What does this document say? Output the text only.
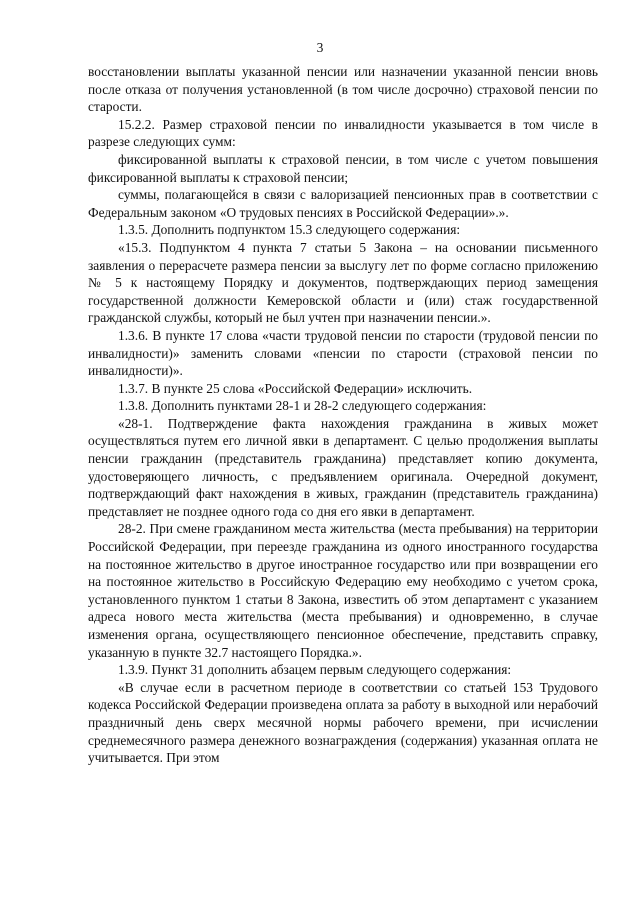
3

восстановлении выплаты указанной пенсии или назначении указанной пенсии вновь после отказа от получения установленной (в том числе досрочно) страховой пенсии по старости.

15.2.2. Размер страховой пенсии по инвалидности указывается в том числе в разрезе следующих сумм:

фиксированной выплаты к страховой пенсии, в том числе с учетом повышения фиксированной выплаты к страховой пенсии;

суммы, полагающейся в связи с валоризацией пенсионных прав в соответствии с Федеральным законом «О трудовых пенсиях в Российской Федерации».».

1.3.5. Дополнить подпунктом 15.3 следующего содержания:

«15.3. Подпунктом 4 пункта 7 статьи 5 Закона – на основании письменного заявления о перерасчете размера пенсии за выслугу лет по форме согласно приложению № 5 к настоящему Порядку и документов, подтверждающих период замещения государственной должности Кемеровской области и (или) стаж государственной гражданской службы, который не был учтен при назначении пенсии.».

1.3.6. В пункте 17 слова «части трудовой пенсии по старости (трудовой пенсии по инвалидности)» заменить словами «пенсии по старости (страховой пенсии по инвалидности)».

1.3.7. В пункте 25 слова «Российской Федерации» исключить.

1.3.8. Дополнить пунктами 28-1 и 28-2 следующего содержания:

«28-1. Подтверждение факта нахождения гражданина в живых может осуществляться путем его личной явки в департамент. С целью продолжения выплаты пенсии гражданин (представитель гражданина) представляет копию документа, удостоверяющего личность, с предъявлением оригинала. Очередной документ, подтверждающий факт нахождения в живых, гражданин (представитель гражданина) представляет не позднее одного года со дня его явки в департамент.

28-2. При смене гражданином места жительства (места пребывания) на территории Российской Федерации, при переезде гражданина из одного иностранного государства на постоянное жительство в другое иностранное государство или при возвращении его на постоянное жительство в Российскую Федерацию ему необходимо с учетом срока, установленного пунктом 1 статьи 8 Закона, известить об этом департамент с указанием адреса нового места жительства (места пребывания) и одновременно, в случае изменения органа, осуществляющего пенсионное обеспечение, представить справку, указанную в пункте 32.7 настоящего Порядка.».

1.3.9. Пункт 31 дополнить абзацем первым следующего содержания:

«В случае если в расчетном периоде в соответствии со статьей 153 Трудового кодекса Российской Федерации произведена оплата за работу в выходной или нерабочий праздничный день сверх месячной нормы рабочего времени, при исчислении среднемесячного размера денежного вознаграждения (содержания) указанная оплата не учитывается. При этом
